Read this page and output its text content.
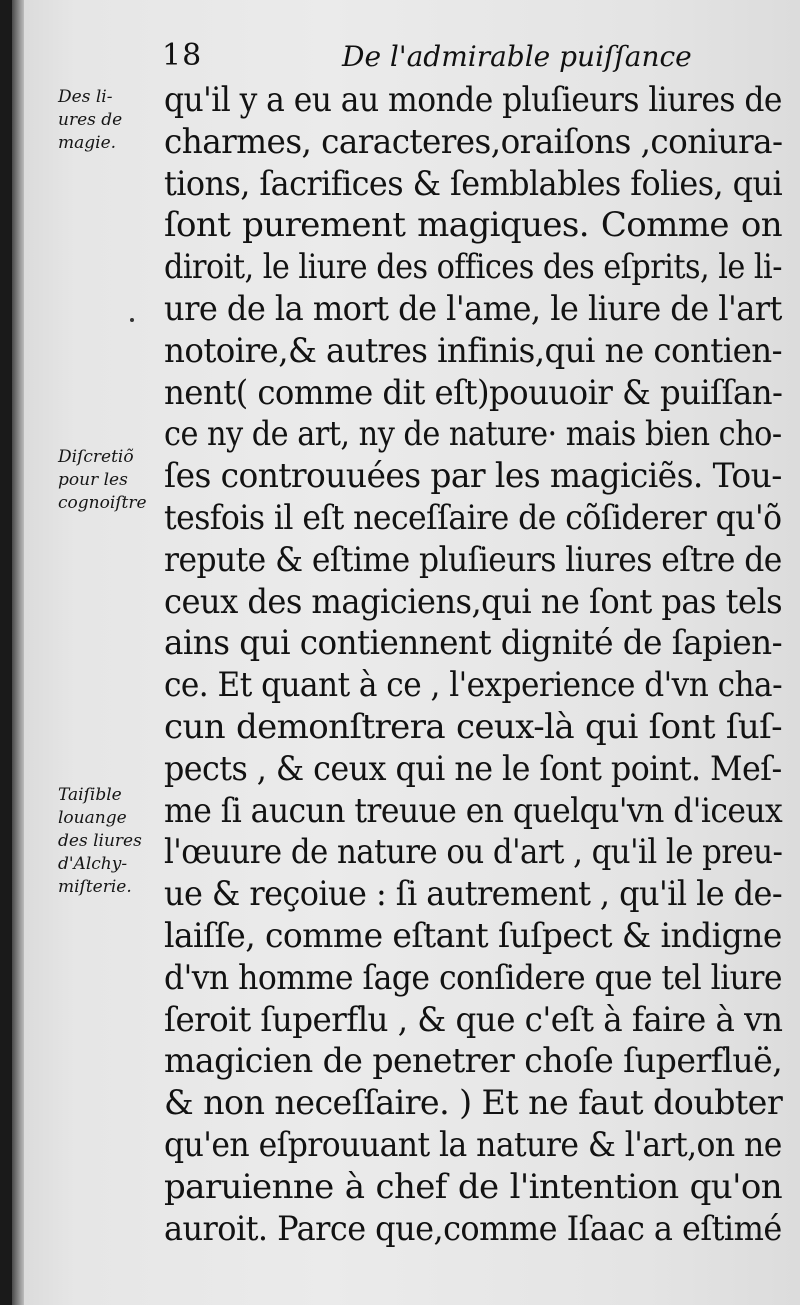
18	De l'admirable puiſſance
Des li-
ures de
magie.
Diſcretiõ
pour les
cognoiſtre
Taiſible
louange
des liures
d'Alchy-
miſterie.
qu'il y a eu au monde pluſieurs liures de
charmes, caracteres,oraiſons ,coniura-
tions, ſacrifices & ſemblables folies, qui
ſont purement magiques. Comme on
diroit, le liure des offices des eſprits, le li-
ure de la mort de l'ame, le liure de l'art
notoire,& autres infinis,qui ne contien-
nent( comme dit eſt)pouuoir & puiſſan-
ce ny de art, ny de nature· mais bien cho-
ſes controuuées par les magiciẽs. Tou-
tesfois il eſt neceſſaire de cõſiderer qu'õ
repute & eſtime pluſieurs liures eſtre de
ceux des magiciens,qui ne ſont pas tels
ains qui contiennent dignité de ſapien-
ce. Et quant à ce , l'experience d'vn cha-
cun demonſtrera ceux-là qui ſont ſuſ-
pects , & ceux qui ne le ſont point. Meſ-
me ſi aucun treuue en quelqu'vn d'iceux
l'œuure de nature ou d'art , qu'il le preu-
ue & reçoiue : ſi autrement , qu'il le de-
laiſſe, comme eſtant ſuſpect & indigne
d'vn homme ſage conſidere que tel liure
ſeroit ſuperflu , & que c'eſt à faire à vn
magicien de penetrer choſe ſuperfluë,
& non neceſſaire. ) Et ne faut doubter
qu'en eſprouuant la nature & l'art,on ne
paruienne à chef de l'intention qu'on
auroit. Parce que,comme Iſaac a eſtimé
